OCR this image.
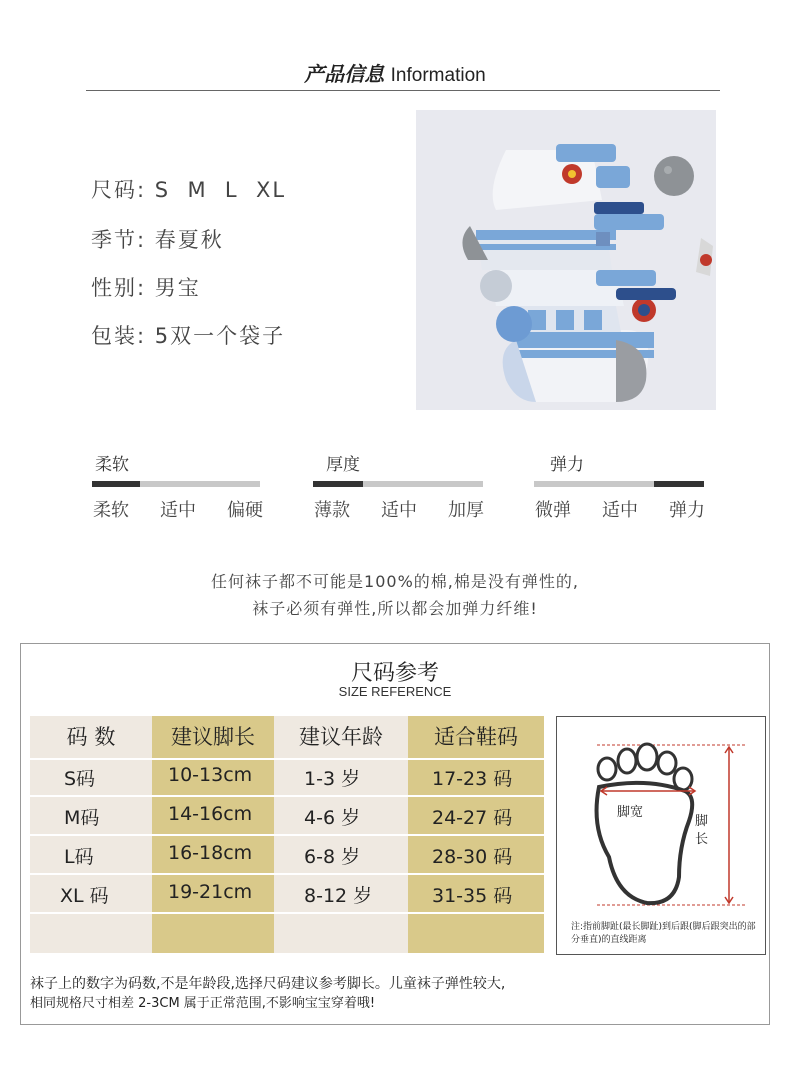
产品信息 Information
尺码: S  M  L  XL
季节: 春夏秋
性别: 男宝
包装: 5双一个袋子
柔软
柔软 适中 偏硬
厚度
薄款 适中 加厚
弹力
微弹 适中 弹力
任何袜子都不可能是100%的棉,棉是没有弹性的,
袜子必须有弹性,所以都会加弹力纤维!
尺码参考
SIZE REFERENCE
码 数	建议脚长	建议年龄	适合鞋码
S码	10-13cm	1-3 岁	17-23 码
M码	14-16cm	4-6 岁	24-27 码
L码	16-18cm	6-8 岁	28-30 码
XL 码	19-21cm	8-12 岁	31-35 码
脚宽
脚长
注:指前脚趾(最长脚趾)到后跟(脚后跟突出的部分垂直)的直线距离
袜子上的数字为码数,不是年龄段,选择尺码建议参考脚长。儿童袜子弹性较大,
相同规格尺寸相差 2-3CM 属于正常范围,不影响宝宝穿着哦!
